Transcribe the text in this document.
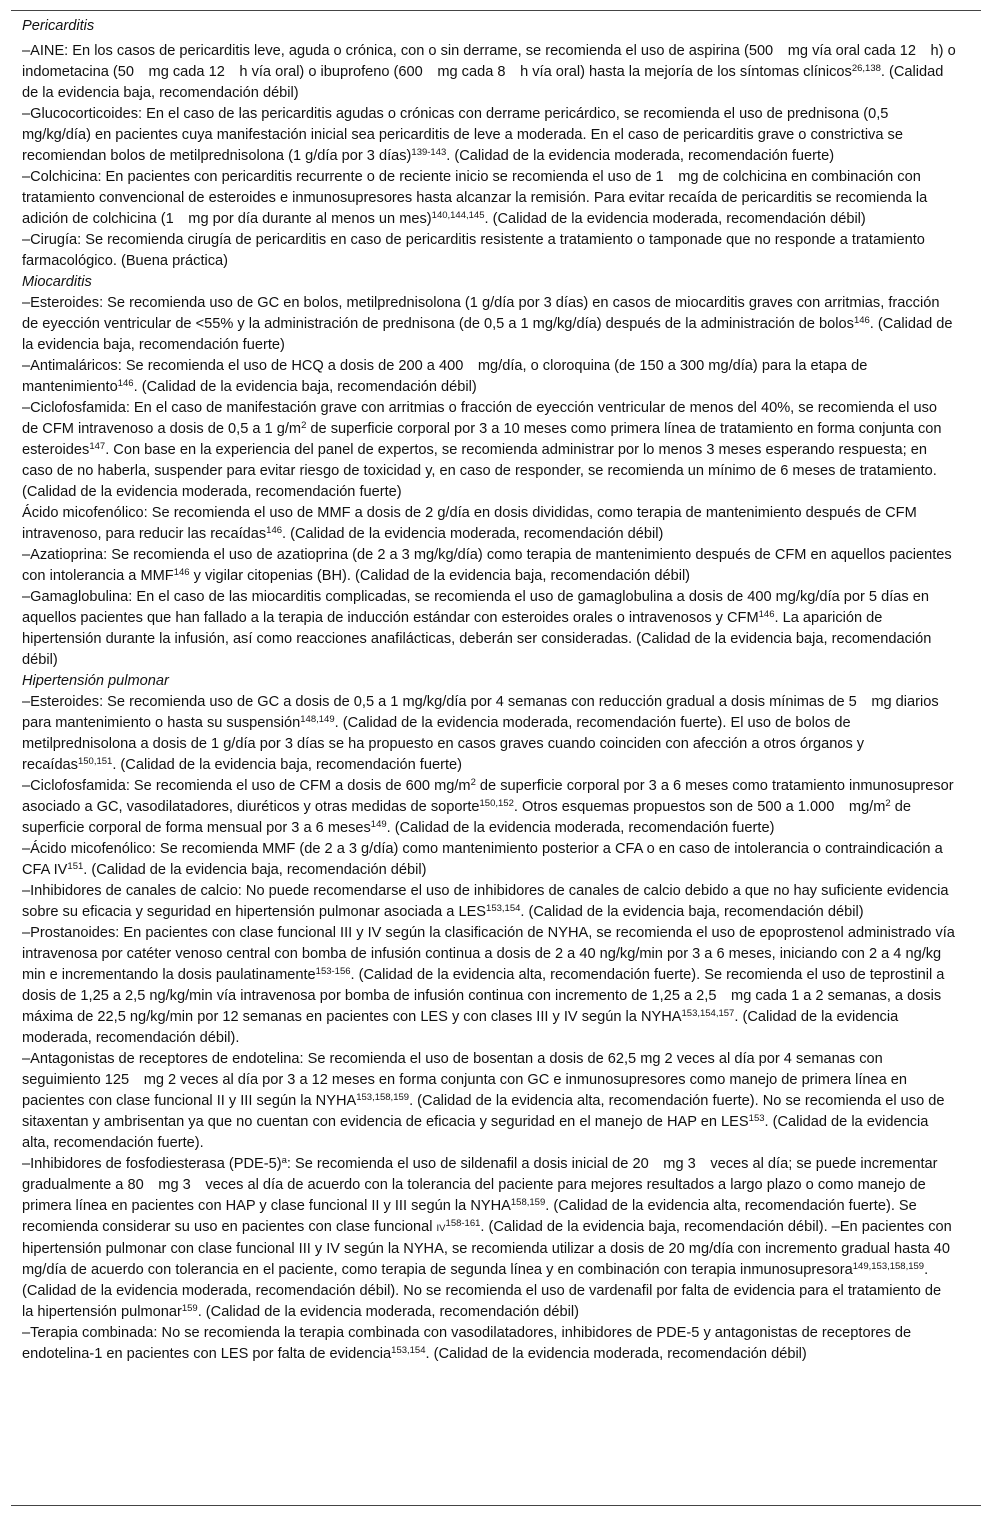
Pericarditis

–AINE: En los casos de pericarditis leve, aguda o crónica, con o sin derrame, se recomienda el uso de aspirina (500 mg vía oral cada 12 h) o indometacina (50 mg cada 12 h vía oral) o ibuprofeno (600 mg cada 8 h vía oral) hasta la mejoría de los síntomas clínicos$^{26,138}$. (Calidad de la evidencia baja, recomendación débil)

–Glucocorticoides: En el caso de las pericarditis agudas o crónicas con derrame pericárdico, se recomienda el uso de prednisona (0,5 mg/kg/día) en pacientes cuya manifestación inicial sea pericarditis de leve a moderada. En el caso de pericarditis grave o constrictiva se recomiendan bolos de metilprednisolona (1 g/día por 3 días)$^{139-143}$. (Calidad de la evidencia moderada, recomendación fuerte)

–Colchicina: En pacientes con pericarditis recurrente o de reciente inicio se recomienda el uso de 1 mg de colchicina en combinación con tratamiento convencional de esteroides e inmunosupresores hasta alcanzar la remisión. Para evitar recaída de pericarditis se recomienda la adición de colchicina (1 mg por día durante al menos un mes)$^{140,144,145}$. (Calidad de la evidencia moderada, recomendación débil)

–Cirugía: Se recomienda cirugía de pericarditis en caso de pericarditis resistente a tratamiento o tamponade que no responde a tratamiento farmacológico. (Buena práctica)

Miocarditis

–Esteroides: Se recomienda uso de GC en bolos, metilprednisolona (1 g/día por 3 días) en casos de miocarditis graves con arritmias, fracción de eyección ventricular de <55% y la administración de prednisona (de 0,5 a 1 mg/kg/día) después de la administración de bolos$^{146}$. (Calidad de la evidencia baja, recomendación fuerte)

–Antimaláricos: Se recomienda el uso de HCQ a dosis de 200 a 400 mg/día, o cloroquina (de 150 a 300 mg/día) para la etapa de mantenimiento$^{146}$. (Calidad de la evidencia baja, recomendación débil)

–Ciclofosfamida: En el caso de manifestación grave con arritmias o fracción de eyección ventricular de menos del 40%, se recomienda el uso de CFM intravenoso a dosis de 0,5 a 1 $g/m^2$ de superficie corporal por 3 a 10 meses como primera línea de tratamiento en forma conjunta con esteroides$^{147}$. Con base en la experiencia del panel de expertos, se recomienda administrar por lo menos 3 meses esperando respuesta; en caso de no haberla, suspender para evitar riesgo de toxicidad y, en caso de responder, se recomienda un mínimo de 6 meses de tratamiento. (Calidad de la evidencia moderada, recomendación fuerte)

Ácido micofenólico: Se recomienda el uso de MMF a dosis de 2 g/día en dosis divididas, como terapia de mantenimiento después de CFM intravenoso, para reducir las recaídas$^{146}$. (Calidad de la evidencia moderada, recomendación débil)

–Azatioprina: Se recomienda el uso de azatioprina (de 2 a 3 mg/kg/día) como terapia de mantenimiento después de CFM en aquellos pacientes con intolerancia a MMF$^{146}$ y vigilar citopenias (BH). (Calidad de la evidencia baja, recomendación débil)

–Gamaglobulina: En el caso de las miocarditis complicadas, se recomienda el uso de gamaglobulina a dosis de 400 mg/kg/día por 5 días en aquellos pacientes que han fallado a la terapia de inducción estándar con esteroides orales o intravenosos y CFM$^{146}$. La aparición de hipertensión durante la infusión, así como reacciones anafilácticas, deberán ser consideradas. (Calidad de la evidencia baja, recomendación débil)

Hipertensión pulmonar

–Esteroides: Se recomienda uso de GC a dosis de 0,5 a 1 mg/kg/día por 4 semanas con reducción gradual a dosis mínimas de 5 mg diarios para mantenimiento o hasta su suspensión$^{148,149}$. (Calidad de la evidencia moderada, recomendación fuerte). El uso de bolos de metilprednisolona a dosis de 1 g/día por 3 días se ha propuesto en casos graves cuando coinciden con afección a otros órganos y recaídas$^{150,151}$. (Calidad de la evidencia baja, recomendación fuerte)

–Ciclofosfamida: Se recomienda el uso de CFM a dosis de 600 $mg/m^2$ de superficie corporal por 3 a 6 meses como tratamiento inmunosupresor asociado a GC, vasodilatadores, diuréticos y otras medidas de soporte$^{150,152}$. Otros esquemas propuestos son de 500 a 1.000 $mg/m^2$ de superficie corporal de forma mensual por 3 a 6 meses$^{149}$. (Calidad de la evidencia moderada, recomendación fuerte)

–Ácido micofenólico: Se recomienda MMF (de 2 a 3 g/día) como mantenimiento posterior a CFA o en caso de intolerancia o contraindicación a CFA IV$^{151}$. (Calidad de la evidencia baja, recomendación débil)

–Inhibidores de canales de calcio: No puede recomendarse el uso de inhibidores de canales de calcio debido a que no hay suficiente evidencia sobre su eficacia y seguridad en hipertensión pulmonar asociada a LES$^{153,154}$. (Calidad de la evidencia baja, recomendación débil)

–Prostanoides: En pacientes con clase funcional III y IV según la clasificación de NYHA, se recomienda el uso de epoprostenol administrado vía intravenosa por catéter venoso central con bomba de infusión continua a dosis de 2 a 40 ng/kg/min por 3 a 6 meses, iniciando con 2 a 4 ng/kg min e incrementando la dosis paulatinamente$^{153-156}$. (Calidad de la evidencia alta, recomendación fuerte). Se recomienda el uso de teprostinil a dosis de 1,25 a 2,5 ng/kg/min vía intravenosa por bomba de infusión continua con incremento de 1,25 a 2,5 mg cada 1 a 2 semanas, a dosis máxima de 22,5 ng/kg/min por 12 semanas en pacientes con LES y con clases III y IV según la NYHA$^{153,154,157}$. (Calidad de la evidencia moderada, recomendación débil).

–Antagonistas de receptores de endotelina: Se recomienda el uso de bosentan a dosis de 62,5 mg 2 veces al día por 4 semanas con seguimiento 125 mg 2 veces al día por 3 a 12 meses en forma conjunta con GC e inmunosupresores como manejo de primera línea en pacientes con clase funcional II y III según la NYHA$^{153,158,159}$. (Calidad de la evidencia alta, recomendación fuerte). No se recomienda el uso de sitaxentan y ambrisentan ya que no cuentan con evidencia de eficacia y seguridad en el manejo de HAP en LES$^{153}$. (Calidad de la evidencia alta, recomendación fuerte).

–Inhibidores de fosfodiesterasa $(PDE-5)^a$: Se recomienda el uso de sildenafil a dosis inicial de 20 mg 3 veces al día; se puede incrementar gradualmente a 80 mg 3 veces al día de acuerdo con la tolerancia del paciente para mejores resultados a largo plazo o como manejo de primera línea en pacientes con HAP y clase funcional II y III según la NYHA$^{158,159}$. (Calidad de la evidencia alta, recomendación fuerte). Se recomienda considerar su uso en pacientes con clase funcional IV$^{158-161}$. (Calidad de la evidencia baja, recomendación débil). –En pacientes con hipertensión pulmonar con clase funcional III y IV según la NYHA, se recomienda utilizar a dosis de 20 mg/día con incremento gradual hasta 40 mg/día de acuerdo con tolerancia en el paciente, como terapia de segunda línea y en combinación con terapia inmunosupresora$^{149,153,158,159}$. (Calidad de la evidencia moderada, recomendación débil). No se recomienda el uso de vardenafil por falta de evidencia para el tratamiento de la hipertensión pulmonar$^{159}$. (Calidad de la evidencia moderada, recomendación débil)

–Terapia combinada: No se recomienda la terapia combinada con vasodilatadores, inhibidores de PDE-5 y antagonistas de receptores de endotelina-1 en pacientes con LES por falta de evidencia$^{153,154}$. (Calidad de la evidencia moderada, recomendación débil)
